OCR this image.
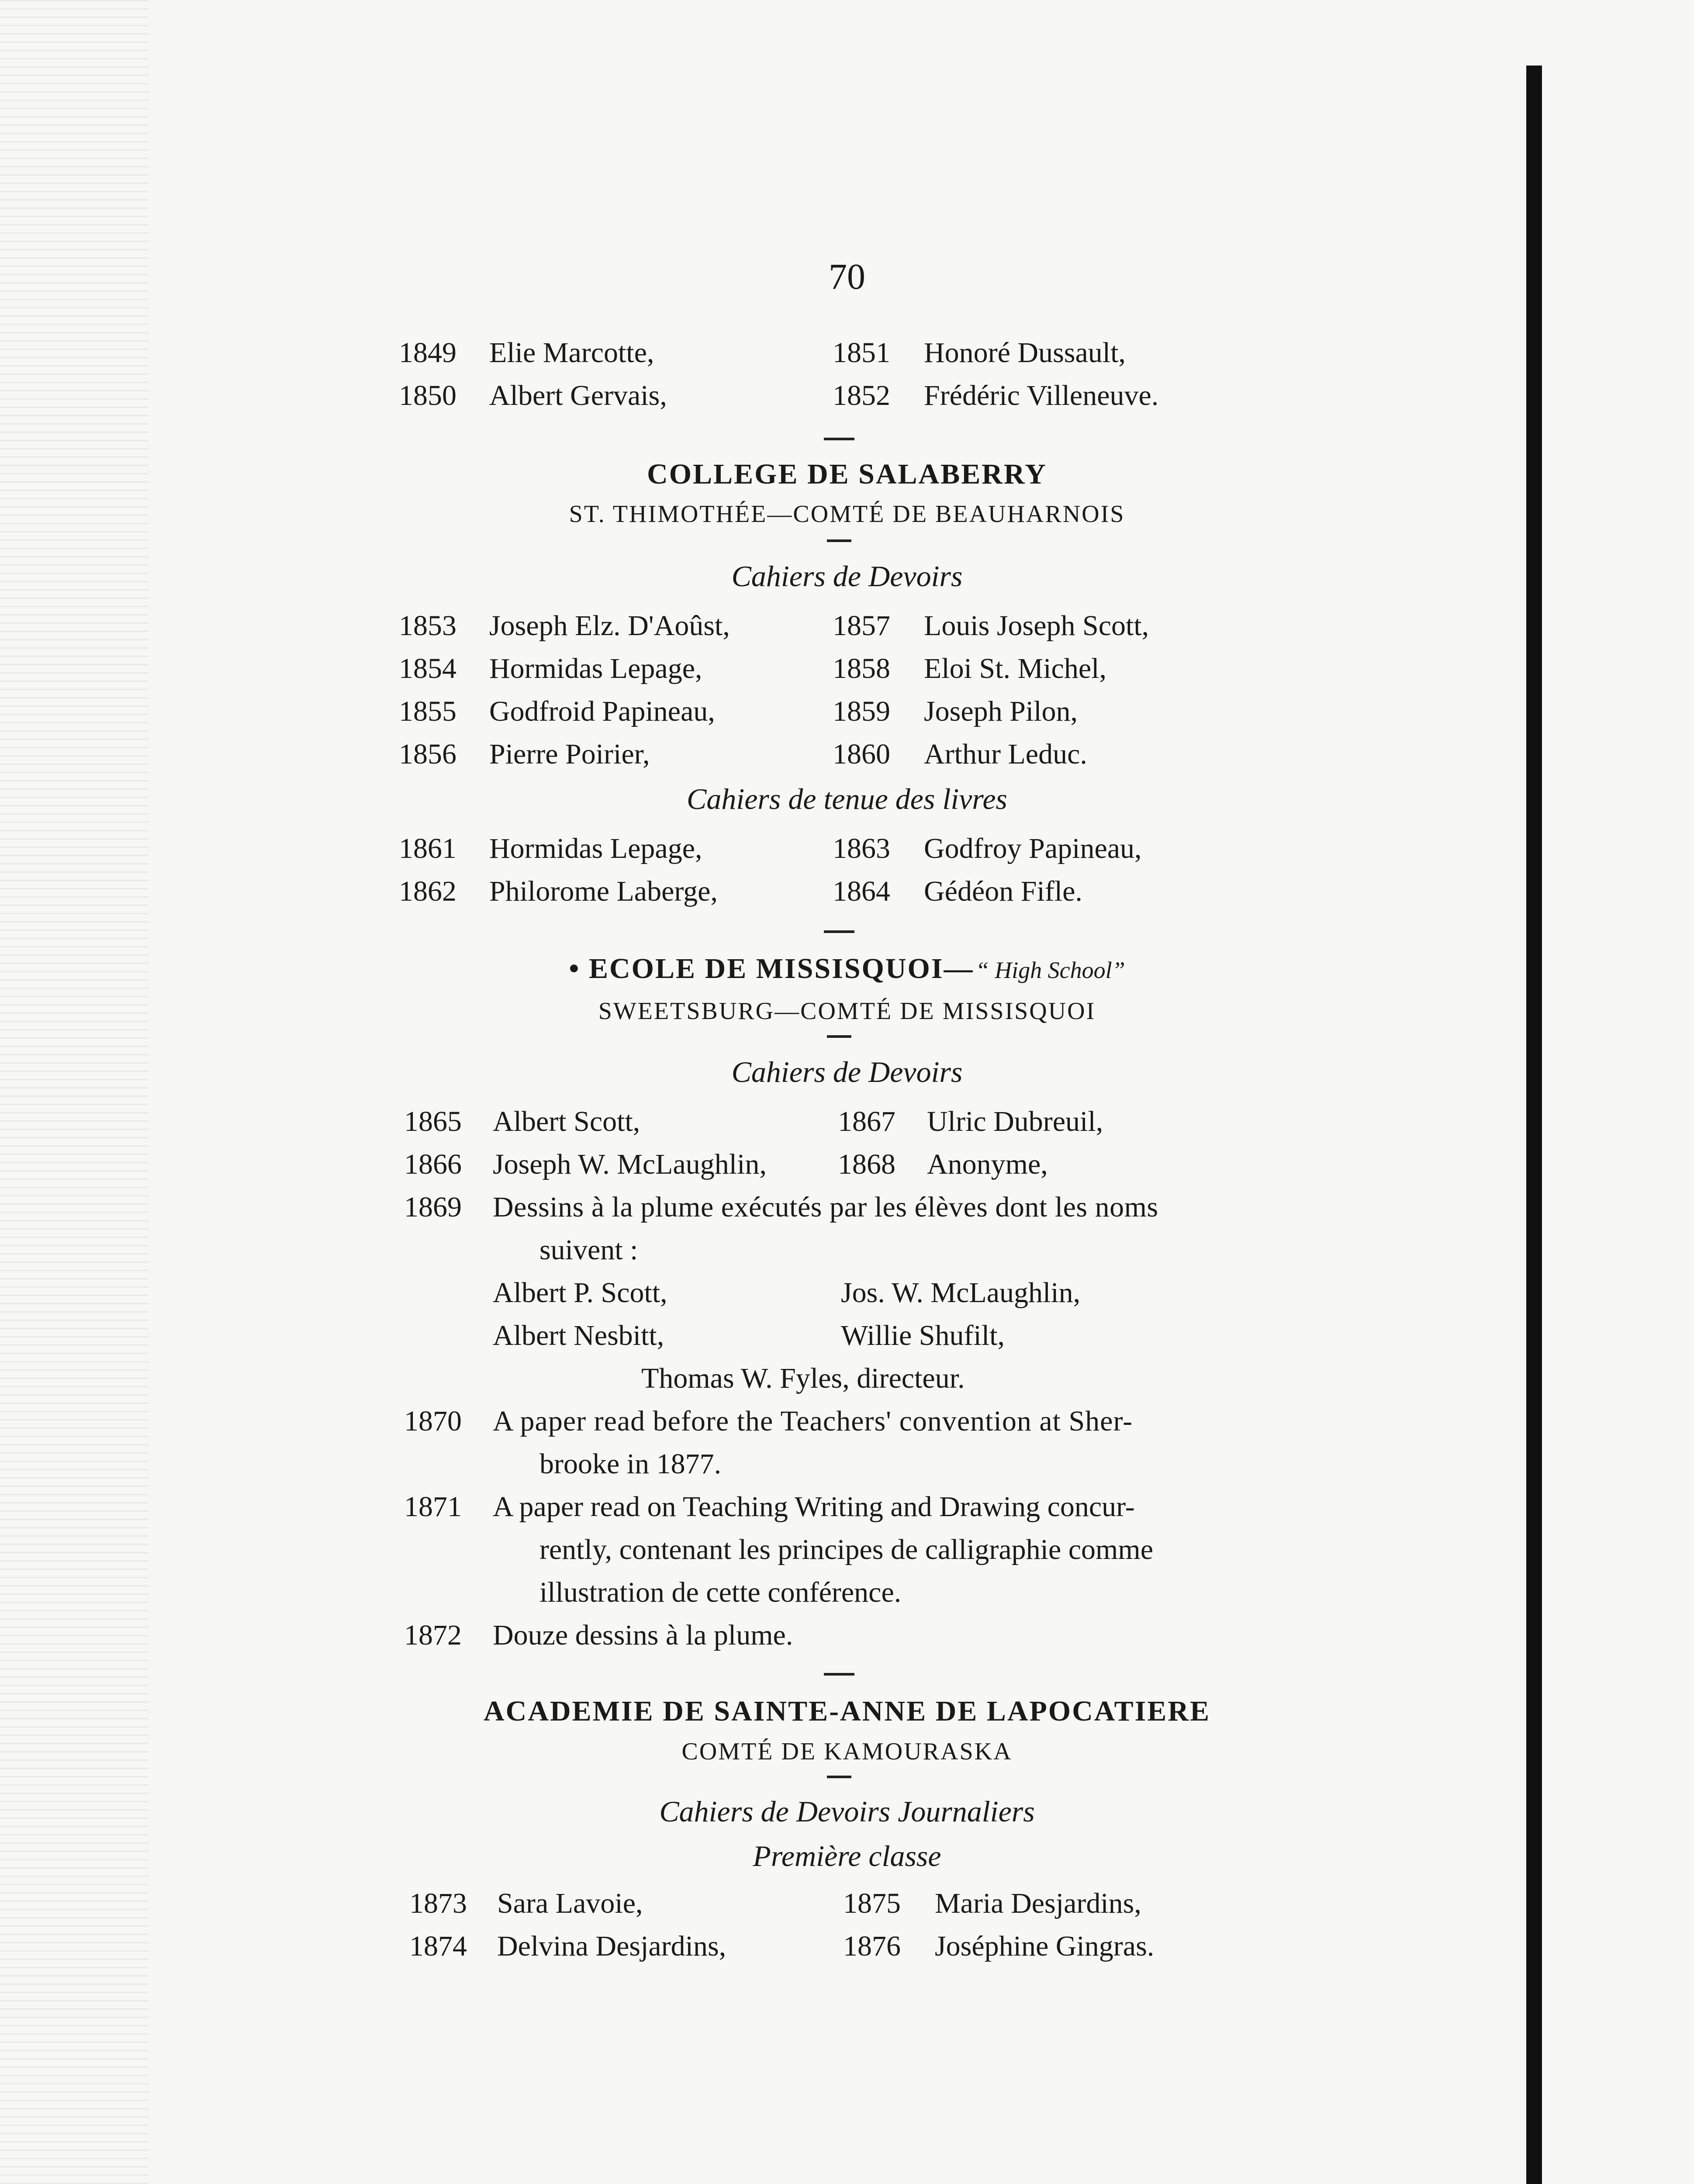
70
1849 Elie Marcotte,
1850 Albert Gervais,
1851 Honoré Dussault,
1852 Frédéric Villeneuve.
COLLEGE DE SALABERRY
ST. THIMOTHÉE—COMTÉ DE BEAUHARNOIS
Cahiers de Devoirs
1853 Joseph Elz. D'Aoûst,
1854 Hormidas Lepage,
1855 Godfroid Papineau,
1856 Pierre Poirier,
1857 Louis Joseph Scott,
1858 Eloi St. Michel,
1859 Joseph Pilon,
1860 Arthur Leduc.
Cahiers de tenue des livres
1861 Hormidas Lepage,
1862 Philorome Laberge,
1863 Godfroy Papineau,
1864 Gédéon Fifle.
• ECOLE DE MISSISQUOI— “ High School”
SWEETSBURG—COMTÉ DE MISSISQUOI
Cahiers de Devoirs
1865 Albert Scott,
1866 Joseph W. McLaughlin,
1867 Ulric Dubreuil,
1868 Anonyme,
1869 Dessins à la plume exécutés par les élèves dont les noms
suivent :
Albert P. Scott,
Albert Nesbitt,
Jos. W. McLaughlin,
Willie Shufilt,
Thomas W. Fyles, directeur.
1870 A paper read before the Teachers' convention at Sher-
brooke in 1877.
1871 A paper read on Teaching Writing and Drawing concur-
rently, contenant les principes de calligraphie comme
illustration de cette conférence.
1872 Douze dessins à la plume.
ACADEMIE DE SAINTE-ANNE DE LAPOCATIERE
COMTÉ DE KAMOURASKA
Cahiers de Devoirs Journaliers
Première classe
1873 Sara Lavoie,
1874 Delvina Desjardins,
1875 Maria Desjardins,
1876 Joséphine Gingras.
